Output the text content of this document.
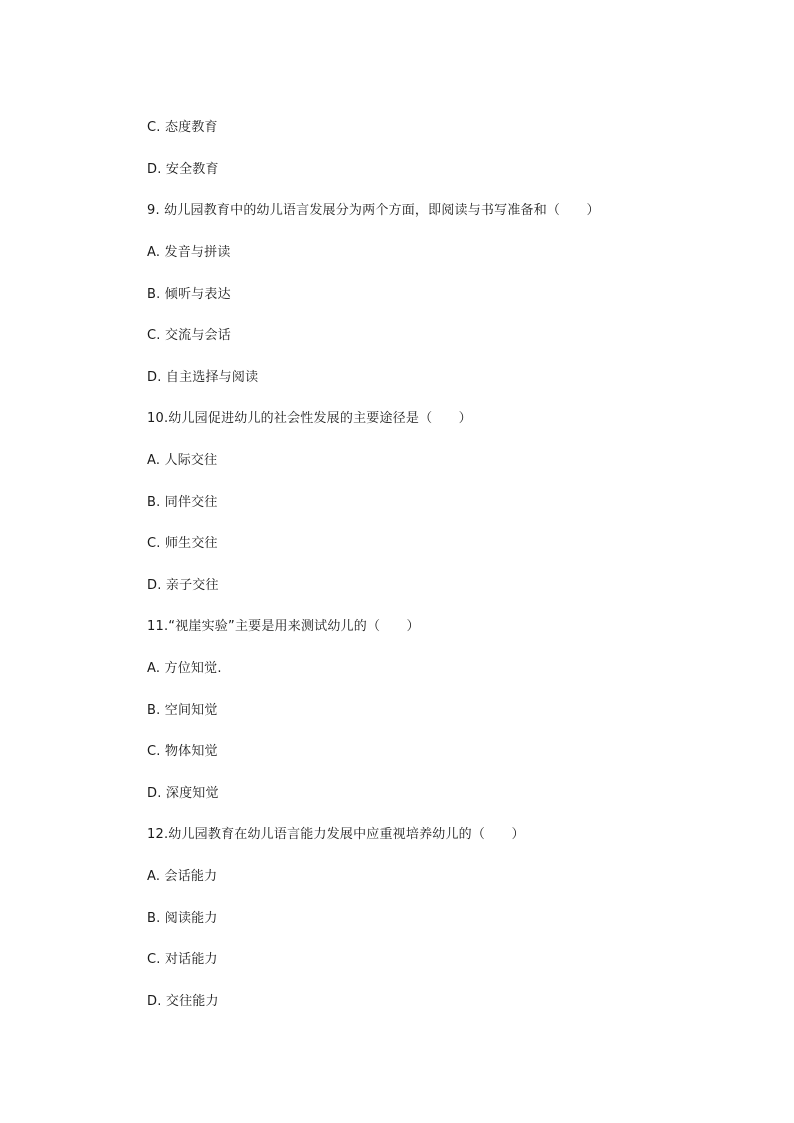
C. 态度教育
D. 安全教育
9. 幼儿园教育中的幼儿语言发展分为两个方面，即阅读与书写准备和（　　）
A. 发音与拼读
B. 倾听与表达
C. 交流与会话
D. 自主选择与阅读
10.幼儿园促进幼儿的社会性发展的主要途径是（　　）
A. 人际交往
B. 同伴交往
C. 师生交往
D. 亲子交往
11.“视崖实验”主要是用来测试幼儿的（　　）
A. 方位知觉.
B. 空间知觉
C. 物体知觉
D. 深度知觉
12.幼儿园教育在幼儿语言能力发展中应重视培养幼儿的（　　）
A. 会话能力
B. 阅读能力
C. 对话能力
D. 交往能力
